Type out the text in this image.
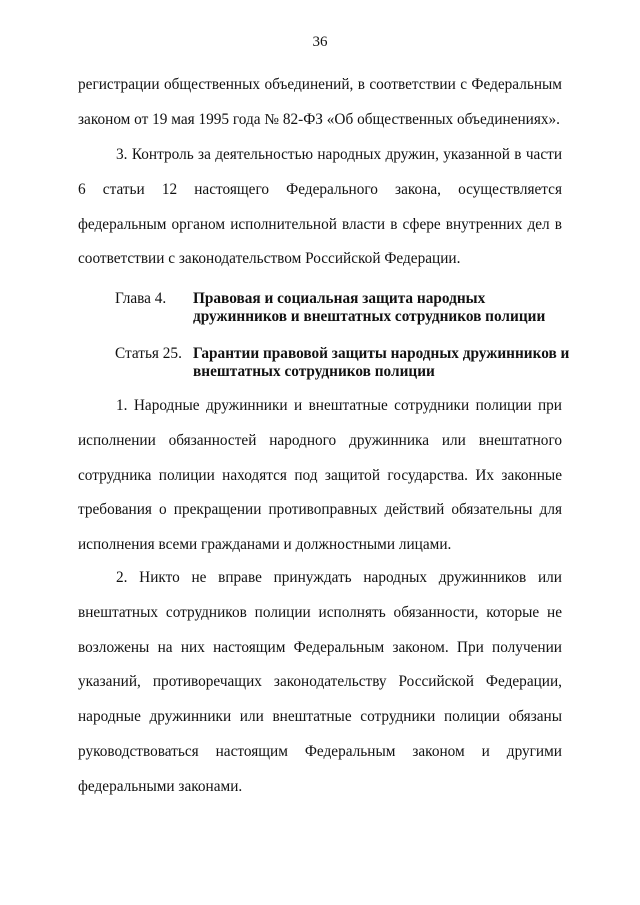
36

регистрации общественных объединений, в соответствии с Федеральным

законом от 19 мая 1995 года № 82-ФЗ «Об общественных объединениях».

3. Контроль за деятельностью народных дружин, указанной в части 6 статьи 12 настоящего Федерального закона, осуществляется федеральным органом исполнительной власти в сфере внутренних дел в соответствии с законодательством Российской Федерации.

Глава 4.	Правовая и социальная защита народных дружинников и внештатных сотрудников полиции
Статья 25. Гарантии правовой защиты народных дружинников и внештатных сотрудников полиции

1. Народные дружинники и внештатные сотрудники полиции при исполнении обязанностей народного дружинника или внештатного сотрудника полиции находятся под защитой государства. Их законные требования о прекращении противоправных действий обязательны для исполнения всеми гражданами и должностными лицами.

2. Никто не вправе принуждать народных дружинников или внештатных сотрудников полиции исполнять обязанности, которые не возложены на них настоящим Федеральным законом. При получении указаний, противоречащих законодательству Российской Федерации, народные дружинники или внештатные сотрудники полиции обязаны руководствоваться настоящим Федеральным законом и другими федеральными законами.
